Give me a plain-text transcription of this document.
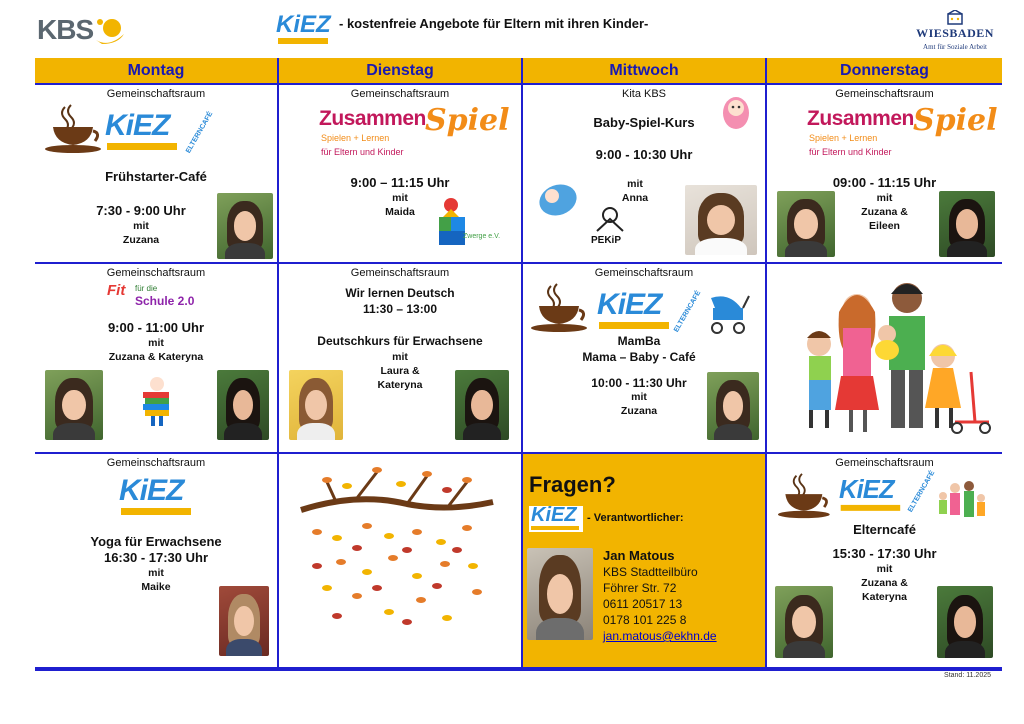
KBS	KiEZ - kostenfreie Angebote für Eltern mit ihren Kinder-
WIESBADEN
Amt für Soziale Arbeit
Montag	Dienstag	Mittwoch	Donnerstag
Gemeinschaftsraum
KiEZ ELTERNCAFÉ
Frühstarter-Café
7:30 - 9:00 Uhr
mit
Zuzana
Gemeinschaftsraum
Zusammen Spiel
Spielen + Lernen
für Eltern und Kinder
9:00 – 11:15 Uhr
mit
Maida
Zwerge e.V.
Kita KBS
Baby-Spiel-Kurs
9:00 - 10:30 Uhr
mit
Anna
PEKiP
Gemeinschaftsraum
Zusammen Spiel
Spielen + Lernen
für Eltern und Kinder
09:00 - 11:15 Uhr
mit
Zuzana &
Eileen
Gemeinschaftsraum
Fit für die
Schule 2.0
9:00 - 11:00 Uhr
mit
Zuzana & Kateryna
Gemeinschaftsraum
Wir lernen Deutsch
11:30 – 13:00
Deutschkurs für Erwachsene
mit
Laura &
Kateryna
Gemeinschaftsraum
KiEZ ELTERNCAFÉ
MamBa
Mama – Baby - Café
10:00 - 11:30 Uhr
mit
Zuzana
Gemeinschaftsraum
KiEZ
Yoga für Erwachsene
16:30 - 17:30 Uhr
mit
Maike
Fragen?
KiEZ - Verantwortlicher:
Jan Matous
KBS Stadtteilbüro
Föhrer Str. 72
0611 20517 13
0178 101 225 8
jan.matous@ekhn.de
Gemeinschaftsraum
KiEZ ELTERNCAFÉ
Elterncafé
15:30 - 17:30 Uhr
mit
Zuzana &
Kateryna
Stand: 11.2025
